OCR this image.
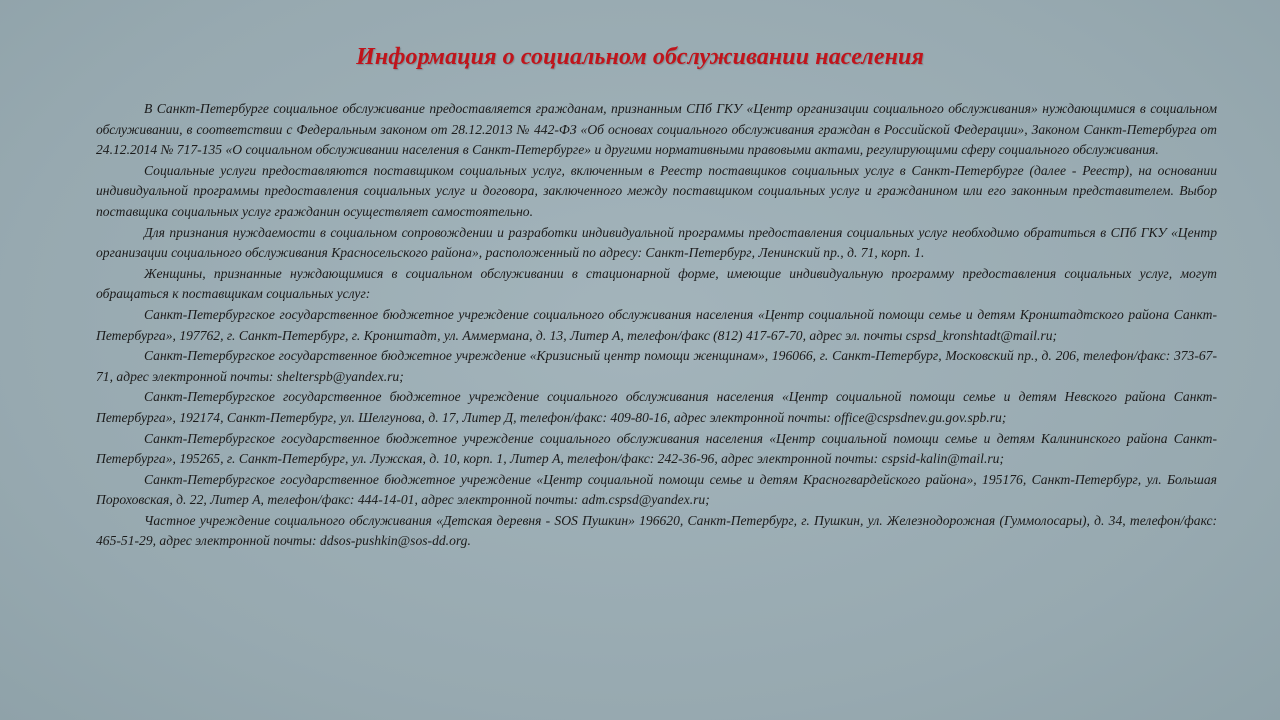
Информация о социальном обслуживании населения

В Санкт-Петербурге социальное обслуживание предоставляется гражданам, признанным СПб ГКУ «Центр организации социального обслуживания» нуждающимися в социальном обслуживании, в соответствии с Федеральным законом от 28.12.2013 № 442-ФЗ «Об основах социального обслуживания граждан в Российской Федерации», Законом Санкт-Петербурга от 24.12.2014 № 717-135 «О социальном обслуживании населения в Санкт-Петербурге» и другими нормативными правовыми актами, регулирующими сферу социального обслуживания.

Социальные услуги предоставляются поставщиком социальных услуг, включенным в Реестр поставщиков социальных услуг в Санкт-Петербурге (далее - Реестр), на основании индивидуальной программы предоставления социальных услуг и договора, заключенного между поставщиком социальных услуг и гражданином или его законным представителем. Выбор поставщика социальных услуг гражданин осуществляет самостоятельно.

Для признания нуждаемости в социальном сопровождении и разработки индивидуальной программы предоставления социальных услуг необходимо обратиться в СПб ГКУ «Центр организации социального обслуживания Красносельского района», расположенный по адресу: Санкт-Петербург, Ленинский пр., д. 71, корп. 1.

Женщины, признанные нуждающимися в социальном обслуживании в стационарной форме, имеющие индивидуальную программу предоставления социальных услуг, могут обращаться к поставщикам социальных услуг:

Санкт-Петербургское государственное бюджетное учреждение социального обслуживания населения «Центр социальной помощи семье и детям Кронштадтского района Санкт-Петербурга», 197762, г. Санкт-Петербург, г. Кронштадт, ул. Аммермана, д. 13, Литер А, телефон/факс (812) 417-67-70, адрес эл. почты cspsd_kronshtadt@mail.ru;

Санкт-Петербургское государственное бюджетное учреждение «Кризисный центр помощи женщинам», 196066, г. Санкт-Петербург, Московский пр., д. 206, телефон/факс: 373-67-71, адрес электронной почты: shelterspb@yandex.ru;

Санкт-Петербургское государственное бюджетное учреждение социального обслуживания населения «Центр социальной помощи семье и детям Невского района Санкт-Петербурга», 192174, Санкт-Петербург, ул. Шелгунова, д. 17, Литер Д, телефон/факс: 409-80-16, адрес электронной почты: office@cspsdnev.gu.gov.spb.ru;

Санкт-Петербургское государственное бюджетное учреждение социального обслуживания населения «Центр социальной помощи семье и детям Калининского района Санкт-Петербурга», 195265, г. Санкт-Петербург, ул. Лужская, д. 10, корп. 1, Литер А, телефон/факс: 242-36-96, адрес электронной почты: cspsid-kalin@mail.ru;

Санкт-Петербургское государственное бюджетное учреждение «Центр социальной помощи семье и детям Красногвардейского района», 195176, Санкт-Петербург, ул. Большая Пороховская, д. 22, Литер А, телефон/факс: 444-14-01, адрес электронной почты: adm.cspsd@yandex.ru;

Частное учреждение социального обслуживания «Детская деревня - SOS Пушкин» 196620, Санкт-Петербург, г. Пушкин, ул. Железнодорожная (Гуммолосары), д. 34, телефон/факс: 465-51-29, адрес электронной почты: ddsos-pushkin@sos-dd.org.
